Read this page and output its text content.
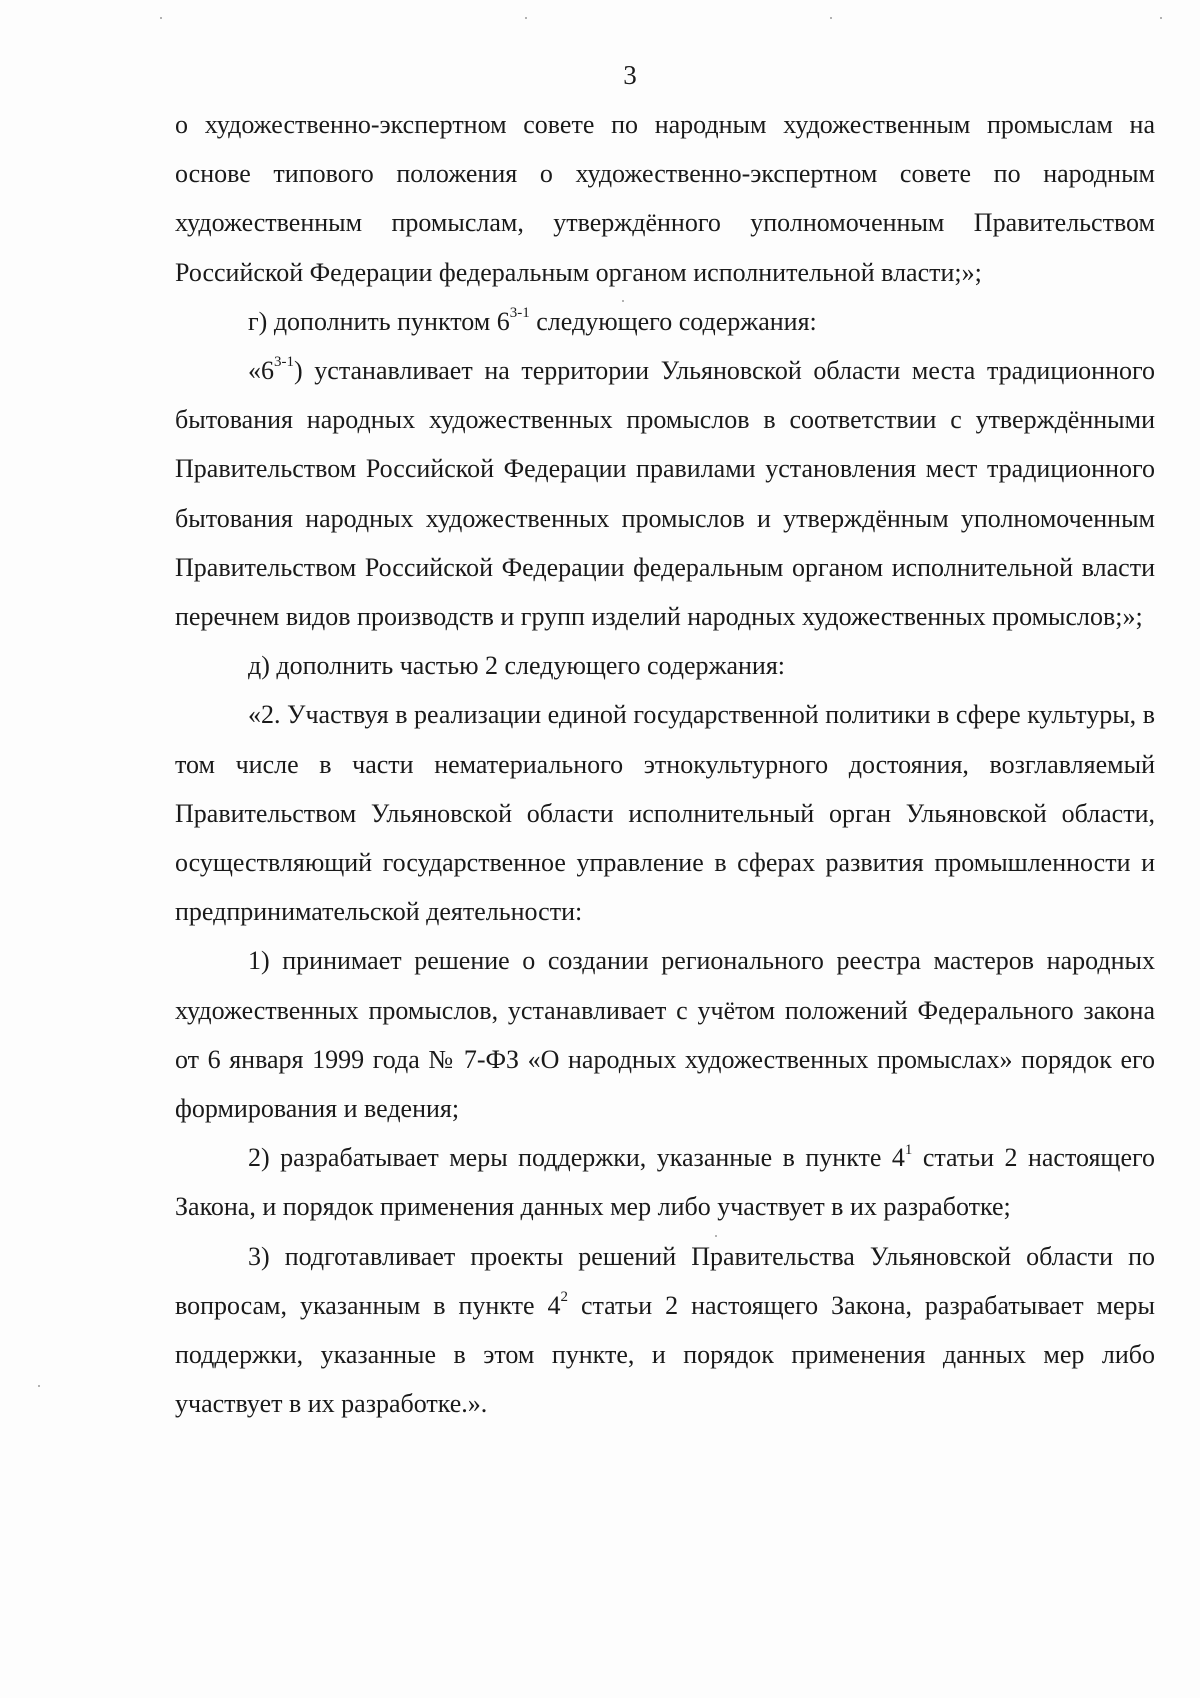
3

о художественно-экспертном совете по народным художественным промыслам на основе типового положения о художественно-экспертном совете по народным художественным промыслам, утверждённого уполномоченным Правительством Российской Федерации федеральным органом исполнительной власти;»;

г) дополнить пунктом 6$^{3-1}$ следующего содержания:

«6$^{3-1}$) устанавливает на территории Ульяновской области места традиционного бытования народных художественных промыслов в соответствии с утверждёнными Правительством Российской Федерации правилами установления мест традиционного бытования народных художественных промыслов и утверждённым уполномоченным Правительством Российской Федерации федеральным органом исполнительной власти перечнем видов производств и групп изделий народных художественных промыслов;»;

д) дополнить частью 2 следующего содержания:

«2. Участвуя в реализации единой государственной политики в сфере культуры, в том числе в части нематериального этнокультурного достояния, возглавляемый Правительством Ульяновской области исполнительный орган Ульяновской области, осуществляющий государственное управление в сферах развития промышленности и предпринимательской деятельности:

1) принимает решение о создании регионального реестра мастеров народных художественных промыслов, устанавливает с учётом положений Федерального закона от 6 января 1999 года № 7-ФЗ «О народных художественных промыслах» порядок его формирования и ведения;

2) разрабатывает меры поддержки, указанные в пункте $4^1$ статьи 2 настоящего Закона, и порядок применения данных мер либо участвует в их разработке;

3) подготавливает проекты решений Правительства Ульяновской области по вопросам, указанным в пункте $4^2$ статьи 2 настоящего Закона, разрабатывает меры поддержки, указанные в этом пункте, и порядок применения данных мер либо участвует в их разработке.».
